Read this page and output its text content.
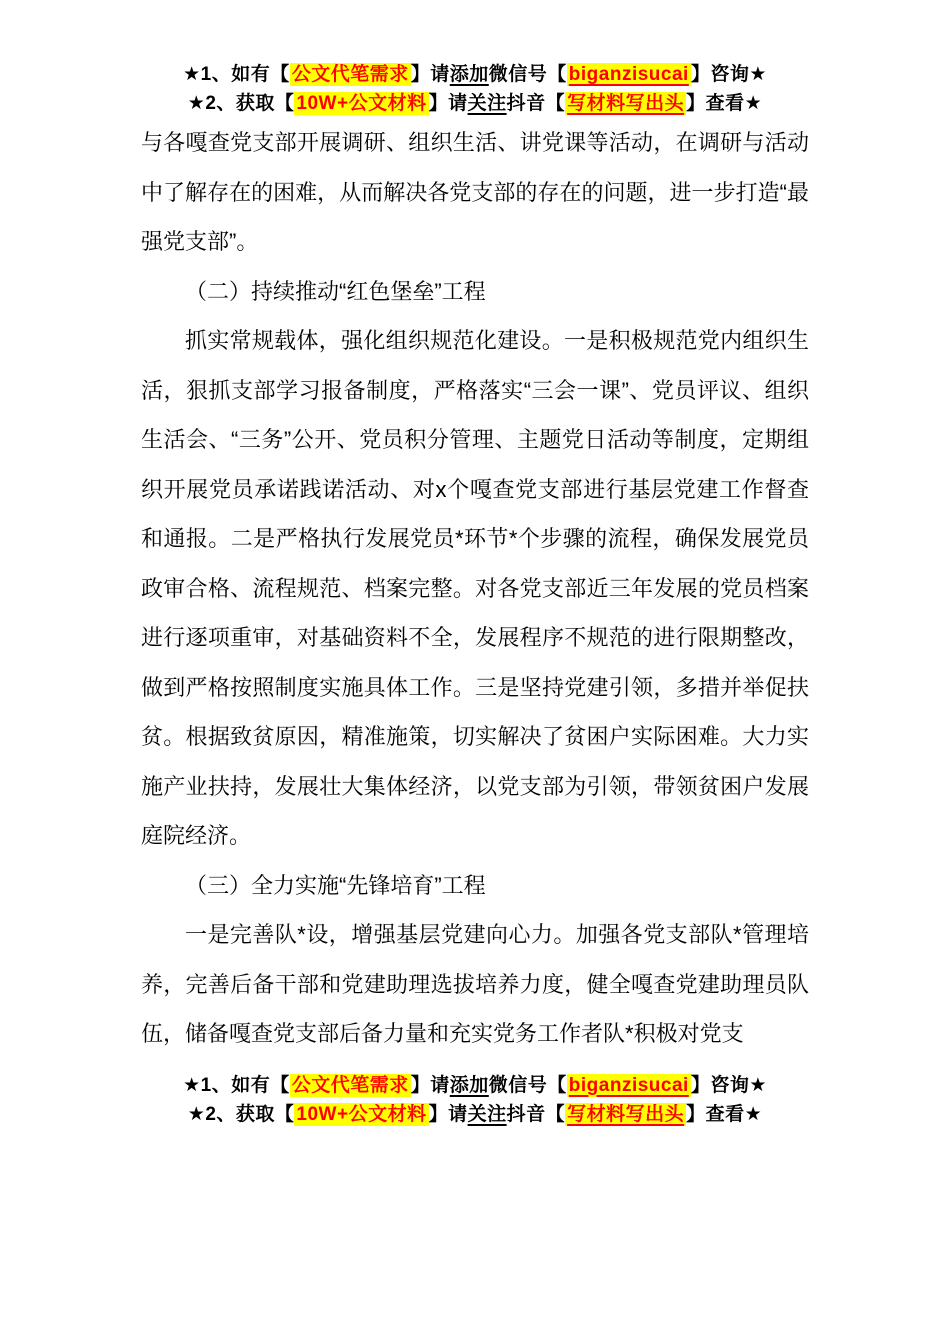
★1、如有【 公文代笔需求 】请添加微信号【 biganzisucai 】咨询★
★2、获取【 10W+公文材料 】请关注抖音【 写材料写出头 】查看★

与各嘎查党支部开展调研、组织生活、讲党课等活动，在调研与活动中了解存在的困难，从而解决各党支部的存在的问题，进一步打造“最强党支部”。

（二）持续推动“红色堡垒”工程

抓实常规载体，强化组织规范化建设。一是积极规范党内组织生活，狠抓支部学习报备制度，严格落实“三会一课”、党员评议、组织生活会、“三务”公开、党员积分管理、主题党日活动等制度，定期组织开展党员承诺践诺活动、对x个嘎查党支部进行基层党建工作督查和通报。二是严格执行发展党员*环节*个步骤的流程，确保发展党员政审合格、流程规范、档案完整。对各党支部近三年发展的党员档案进行逐项重审，对基础资料不全，发展程序不规范的进行限期整改，做到严格按照制度实施具体工作。三是坚持党建引领，多措并举促扶贫。根据致贫原因，精准施策，切实解决了贫困户实际困难。大力实施产业扶持，发展壮大集体经济，以党支部为引领，带领贫困户发展庭院经济。

（三）全力实施“先锋培育”工程

一是完善队*设，增强基层党建向心力。加强各党支部队*管理培养，完善后备干部和党建助理选拔培养力度，健全嘎查党建助理员队伍，储备嘎查党支部后备力量和充实党务工作者队*积极对党支

★1、如有【 公文代笔需求 】请添加微信号【 biganzisucai 】咨询★
★2、获取【 10W+公文材料 】请关注抖音【 写材料写出头 】查看★
